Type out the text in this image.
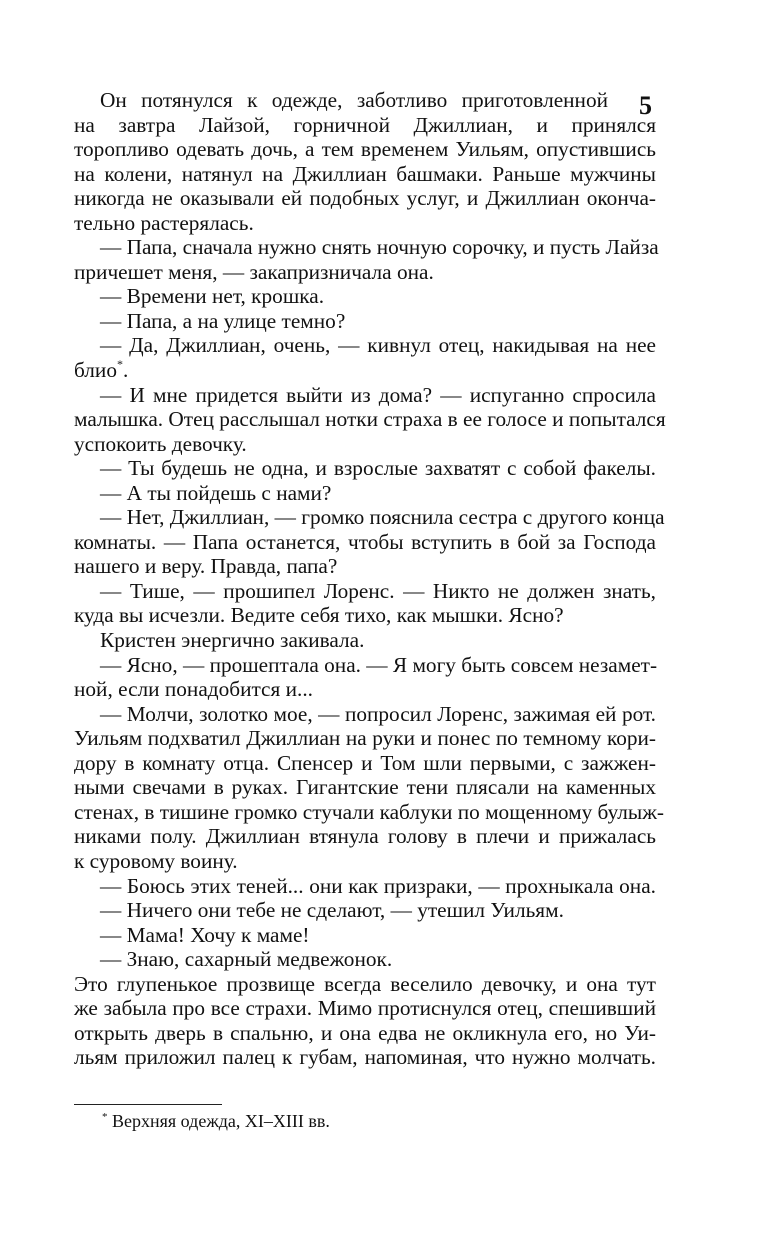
5
Он потянулся к одежде, заботливо приготовленной
на завтра Лайзой, горничной Джиллиан, и принялся
торопливо одевать дочь, а тем временем Уильям, опустившись
на колени, натянул на Джиллиан башмаки. Раньше мужчины
никогда не оказывали ей подобных услуг, и Джиллиан оконча-
тельно растерялась.
— Папа, сначала нужно снять ночную сорочку, и пусть Лайза
причешет меня, — закапризничала она.
— Времени нет, крошка.
— Папа, а на улице темно?
— Да, Джиллиан, очень, — кивнул отец, накидывая на нее
блио*.
— И мне придется выйти из дома? — испуганно спросила
малышка. Отец расслышал нотки страха в ее голосе и попытался
успокоить девочку.
— Ты будешь не одна, и взрослые захватят с собой факелы.
— А ты пойдешь с нами?
— Нет, Джиллиан, — громко пояснила сестра с другого конца
комнаты. — Папа останется, чтобы вступить в бой за Господа
нашего и веру. Правда, папа?
— Тише, — прошипел Лоренс. — Никто не должен знать,
куда вы исчезли. Ведите себя тихо, как мышки. Ясно?
Кристен энергично закивала.
— Ясно, — прошептала она. — Я могу быть совсем незамет-
ной, если понадобится и...
— Молчи, золотко мое, — попросил Лоренс, зажимая ей рот.
Уильям подхватил Джиллиан на руки и понес по темному кори-
дору в комнату отца. Спенсер и Том шли первыми, с зажжен-
ными свечами в руках. Гигантские тени плясали на каменных
стенах, в тишине громко стучали каблуки по мощенному булыж-
никами полу. Джиллиан втянула голову в плечи и прижалась
к суровому воину.
— Боюсь этих теней... они как призраки, — прохныкала она.
— Ничего они тебе не сделают, — утешил Уильям.
— Мама! Хочу к маме!
— Знаю, сахарный медвежонок.
Это глупенькое прозвище всегда веселило девочку, и она тут
же забыла про все страхи. Мимо протиснулся отец, спешивший
открыть дверь в спальню, и она едва не окликнула его, но Уи-
льям приложил палец к губам, напоминая, что нужно молчать.
* Верхняя одежда, XI–XIII вв.
